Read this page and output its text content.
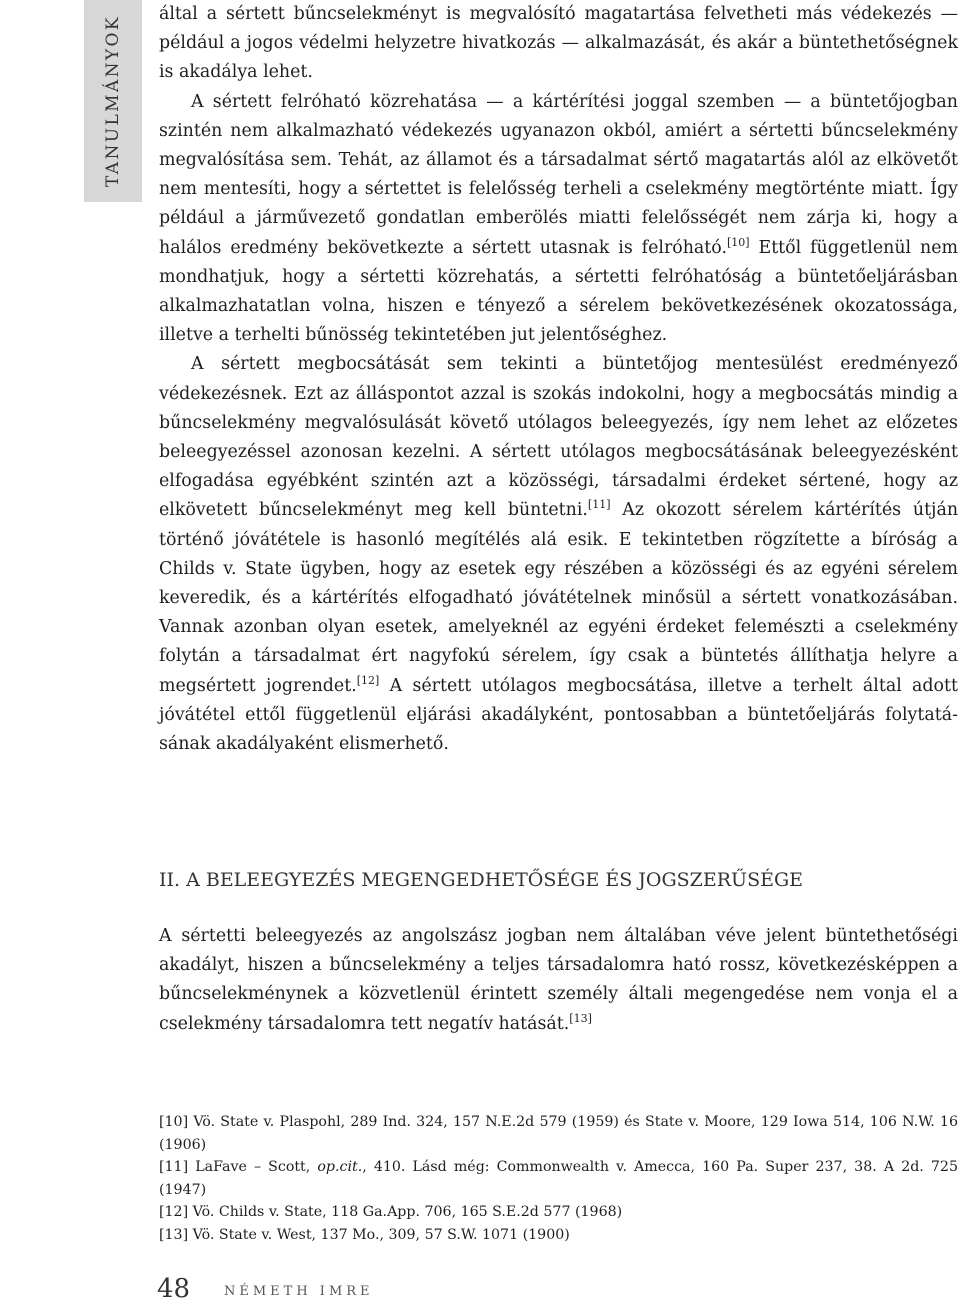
TANULMÁNYOK

által a sértett bűncselekményt is megvalósító magatartása felvetheti más védekezés — például a jogos védelmi helyzetre hivatkozás — alkalmazását, és akár a büntethetőségnek is akadálya lehet.

A sértett felróható közrehatása — a kártérítési joggal szemben — a büntetőjogban szintén nem alkalmazható védekezés ugyanazon okból, amiért a sértetti bűncselekmény megvalósítása sem. Tehát, az államot és a társadalmat sértő magatartás alól az elkövetőt nem mentesíti, hogy a sértettet is felelősség terheli a cselekmény megtörténte miatt. Így például a járművezető gondatlan emberölés miatti felelősségét nem zárja ki, hogy a halálos eredmény bekövetkezte a sértett utasnak is felróható.[10] Ettől függetlenül nem mondhatjuk, hogy a sértetti közrehatás, a sértetti felróhatóság a büntetőeljárásban alkalmazhatatlan volna, hiszen e tényező a sérelem bekövetkezésének okozatossága, illetve a terhelti bűnösség tekintetében jut jelentőséghez.

A sértett megbocsátását sem tekinti a büntetőjog mentesülést eredményező védekezésnek. Ezt az álláspontot azzal is szokás indokolni, hogy a megbocsátás mindig a bűncselekmény megvalósulását követő utólagos beleegyezés, így nem lehet az előzetes beleegyezéssel azonosan kezelni. A sértett utólagos megbocsátásának beleegyezésként elfogadása egyébként szintén azt a közösségi, társadalmi érdeket sértené, hogy az elkövetett bűncselekményt meg kell büntetni.[11] Az okozott sérelem kártérítés útján történő jóvátétele is hasonló megítélés alá esik. E tekintetben rögzítette a bíróság a Childs v. State ügyben, hogy az esetek egy részében a közösségi és az egyéni sérelem keveredik, és a kártérítés elfogadható jóvátételnek minősül a sértett vonatkozásában. Vannak azonban olyan esetek, amelyeknél az egyéni érdeket felemészti a cselekmény folytán a társadalmat ért nagyfokú sérelem, így csak a büntetés állíthatja helyre a megsértett jogrendet.[12] A sértett utólagos megbocsátása, illetve a terhelt által adott jóvátétel ettől függetlenül eljárási akadályként, pontosabban a büntetőeljárás folytatásának akadályaként elismerhető.

II. A BELEEGYEZÉS MEGENGEDHETŐSÉGE ÉS JOGSZERŰSÉGE

A sértetti beleegyezés az angolszász jogban nem általában véve jelent büntethetőségi akadályt, hiszen a bűncselekmény a teljes társadalomra ható rossz, következésképpen a bűncselekménynek a közvetlenül érintett személy általi megengedése nem vonja el a cselekmény társadalomra tett negatív hatását.[13]

[10] Vö. State v. Plaspohl, 289 Ind. 324, 157 N.E.2d 579 (1959) és State v. Moore, 129 Iowa 514, 106 N.W. 16 (1906)

[11] LaFave – Scott, op.cit., 410. Lásd még: Commonwealth v. Amecca, 160 Pa. Super 237, 38. A 2d. 725 (1947)

[12] Vö. Childs v. State, 118 Ga.App. 706, 165 S.E.2d 577 (1968)

[13] Vö. State v. West, 137 Mo., 309, 57 S.W. 1071 (1900)

48	NÉMETH IMRE
